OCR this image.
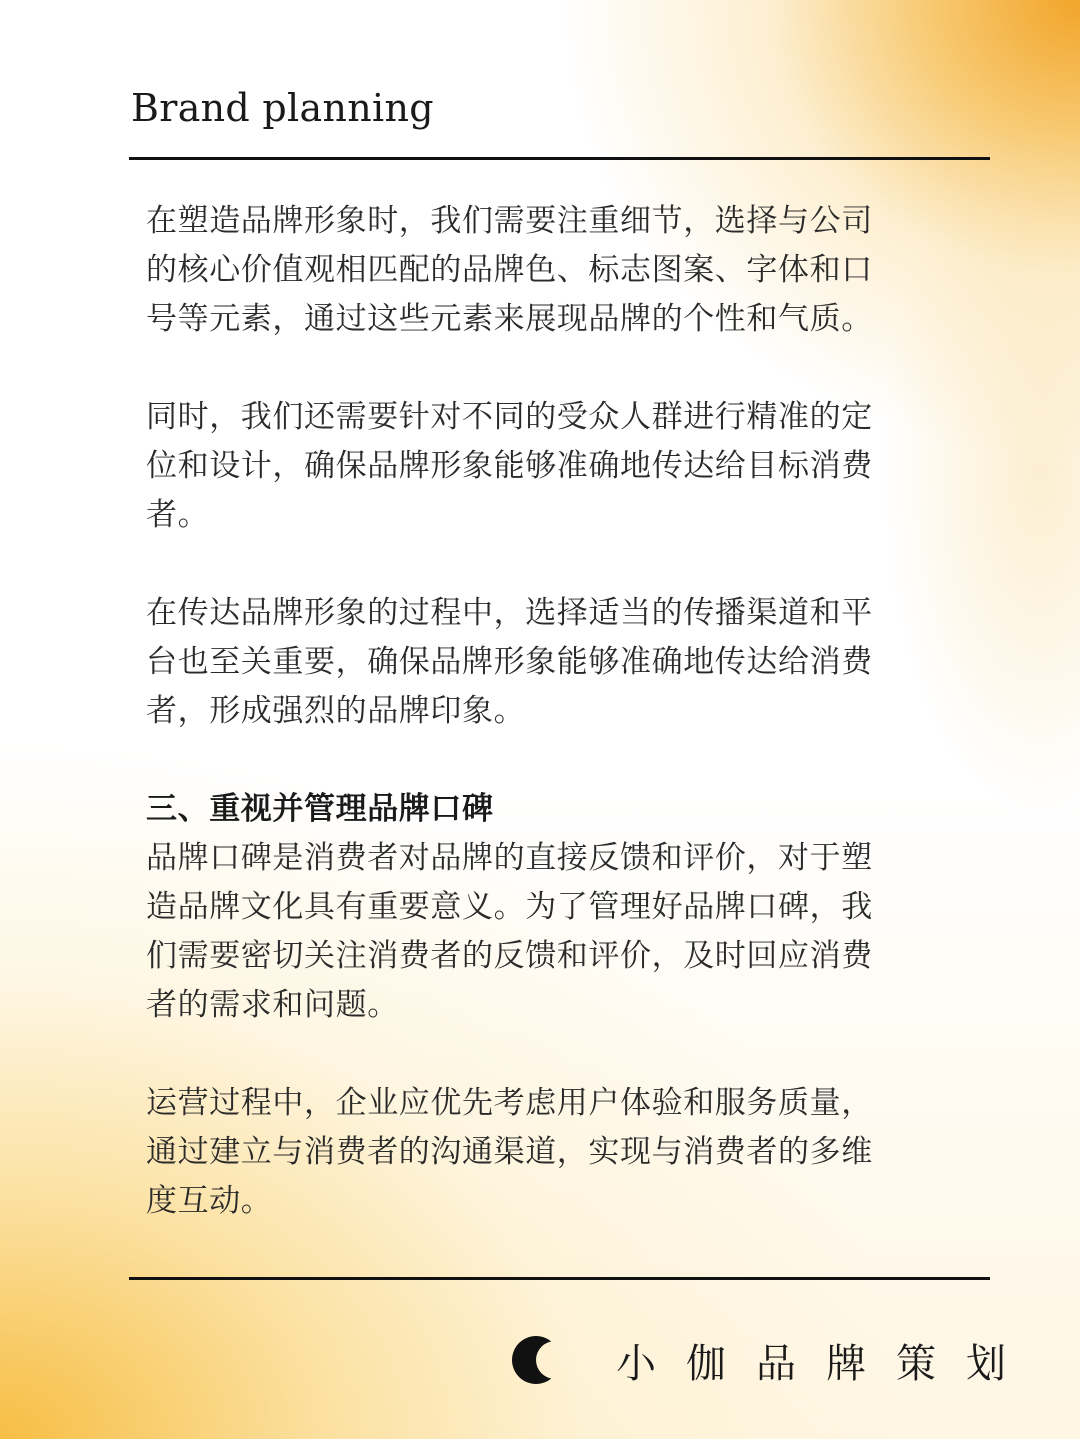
Brand planning

在塑造品牌形象时，我们需要注重细节，选择与公司的核心价值观相匹配的品牌色、标志图案、字体和口号等元素，通过这些元素来展现品牌的个性和气质。

同时，我们还需要针对不同的受众人群进行精准的定位和设计，确保品牌形象能够准确地传达给目标消费者。

在传达品牌形象的过程中，选择适当的传播渠道和平台也至关重要，确保品牌形象能够准确地传达给消费者，形成强烈的品牌印象。

三、重视并管理品牌口碑

品牌口碑是消费者对品牌的直接反馈和评价，对于塑造品牌文化具有重要意义。为了管理好品牌口碑，我们需要密切关注消费者的反馈和评价，及时回应消费者的需求和问题。

运营过程中，企业应优先考虑用户体验和服务质量，通过建立与消费者的沟通渠道，实现与消费者的多维度互动。

小伽品牌策划
